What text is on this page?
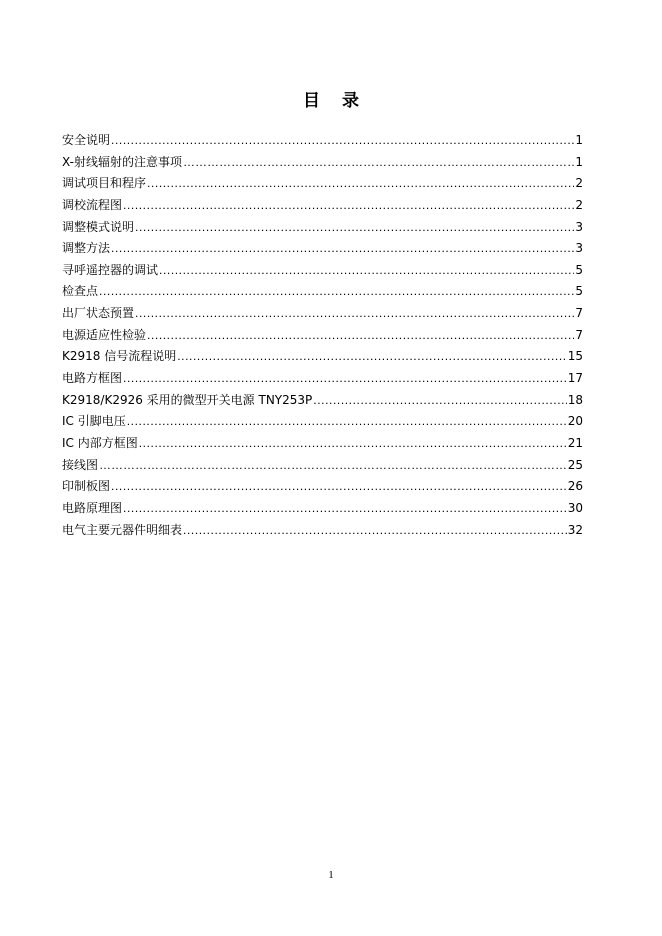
目 录
安全说明 .....	1
X-射线辐射的注意事项 …………………………………………………………………………………………………………………………………………	1
调试项目和程序 .....	2
调校流程图 .....	2
调整模式说明 .....	3
调整方法 .....	3
寻呼遥控器的调试 .....	5
检查点 .....	5
出厂状态预置 .....	7
电源适应性检验 .....	7
K2918 信号流程说明 .....	15
电路方框图 .....	17
K2918/K2926 采用的微型开关电源 TNY253P .....	18
IC 引脚电压 .....	20
IC 内部方框图 .....	21
接线图 …………………………………………………………………………………………………………………………………………	25
印制板图 .....	26
电路原理图 .....	30
电气主要元器件明细表 .....	32
1
